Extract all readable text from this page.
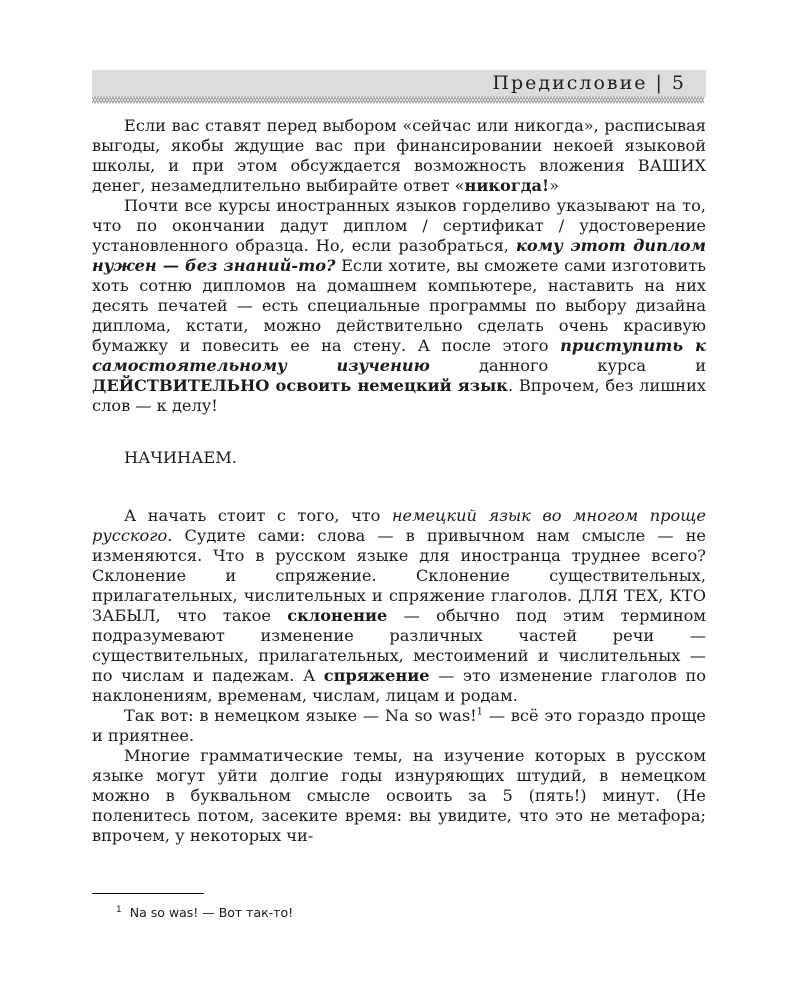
Предисловие | 5

Если вас ставят перед выбором «сейчас или никогда», расписывая выгоды, якобы ждущие вас при финансировании некоей языковой школы, и при этом обсуждается возможность вложения ВАШИХ денег, незамедлительно выбирайте ответ «никогда!»

Почти все курсы иностранных языков горделиво указывают на то, что по окончании дадут диплом / сертификат / удостоверение установленного образца. Но, если разобраться, кому этот диплом нужен — без знаний-то? Если хотите, вы сможете сами изготовить хоть сотню дипломов на домашнем компьютере, наставить на них десять печатей — есть специальные программы по выбору дизайна диплома, кстати, можно действительно сделать очень красивую бумажку и повесить ее на стену. А после этого приступить к самостоятельному изучению данного курса и ДЕЙСТВИТЕЛЬНО освоить немецкий язык. Впрочем, без лишних слов — к делу!

НАЧИНАЕМ.

А начать стоит с того, что немецкий язык во многом проще русского. Судите сами: слова — в привычном нам смысле — не изменяются. Что в русском языке для иностранца труднее всего? Склонение и спряжение. Склонение существительных, прилагательных, числительных и спряжение глаголов. ДЛЯ ТЕХ, КТО ЗАБЫЛ, что такое склонение — обычно под этим термином подразумевают изменение различных частей речи — существительных, прилагательных, местоимений и числительных — по числам и падежам. А спряжение — это изменение глаголов по наклонениям, временам, числам, лицам и родам.

Так вот: в немецком языке — Na so was!$^1$ — всё это гораздо проще и приятнее.

Многие грамматические темы, на изучение которых в русском языке могут уйти долгие годы изнуряющих штудий, в немецком можно в буквальном смысле освоить за 5 (пять!) минут. (Не поленитесь потом, засеките время: вы увидите, что это не метафора; впрочем, у некоторых чи-

$^1$ Na so was! — Вот так-то!
